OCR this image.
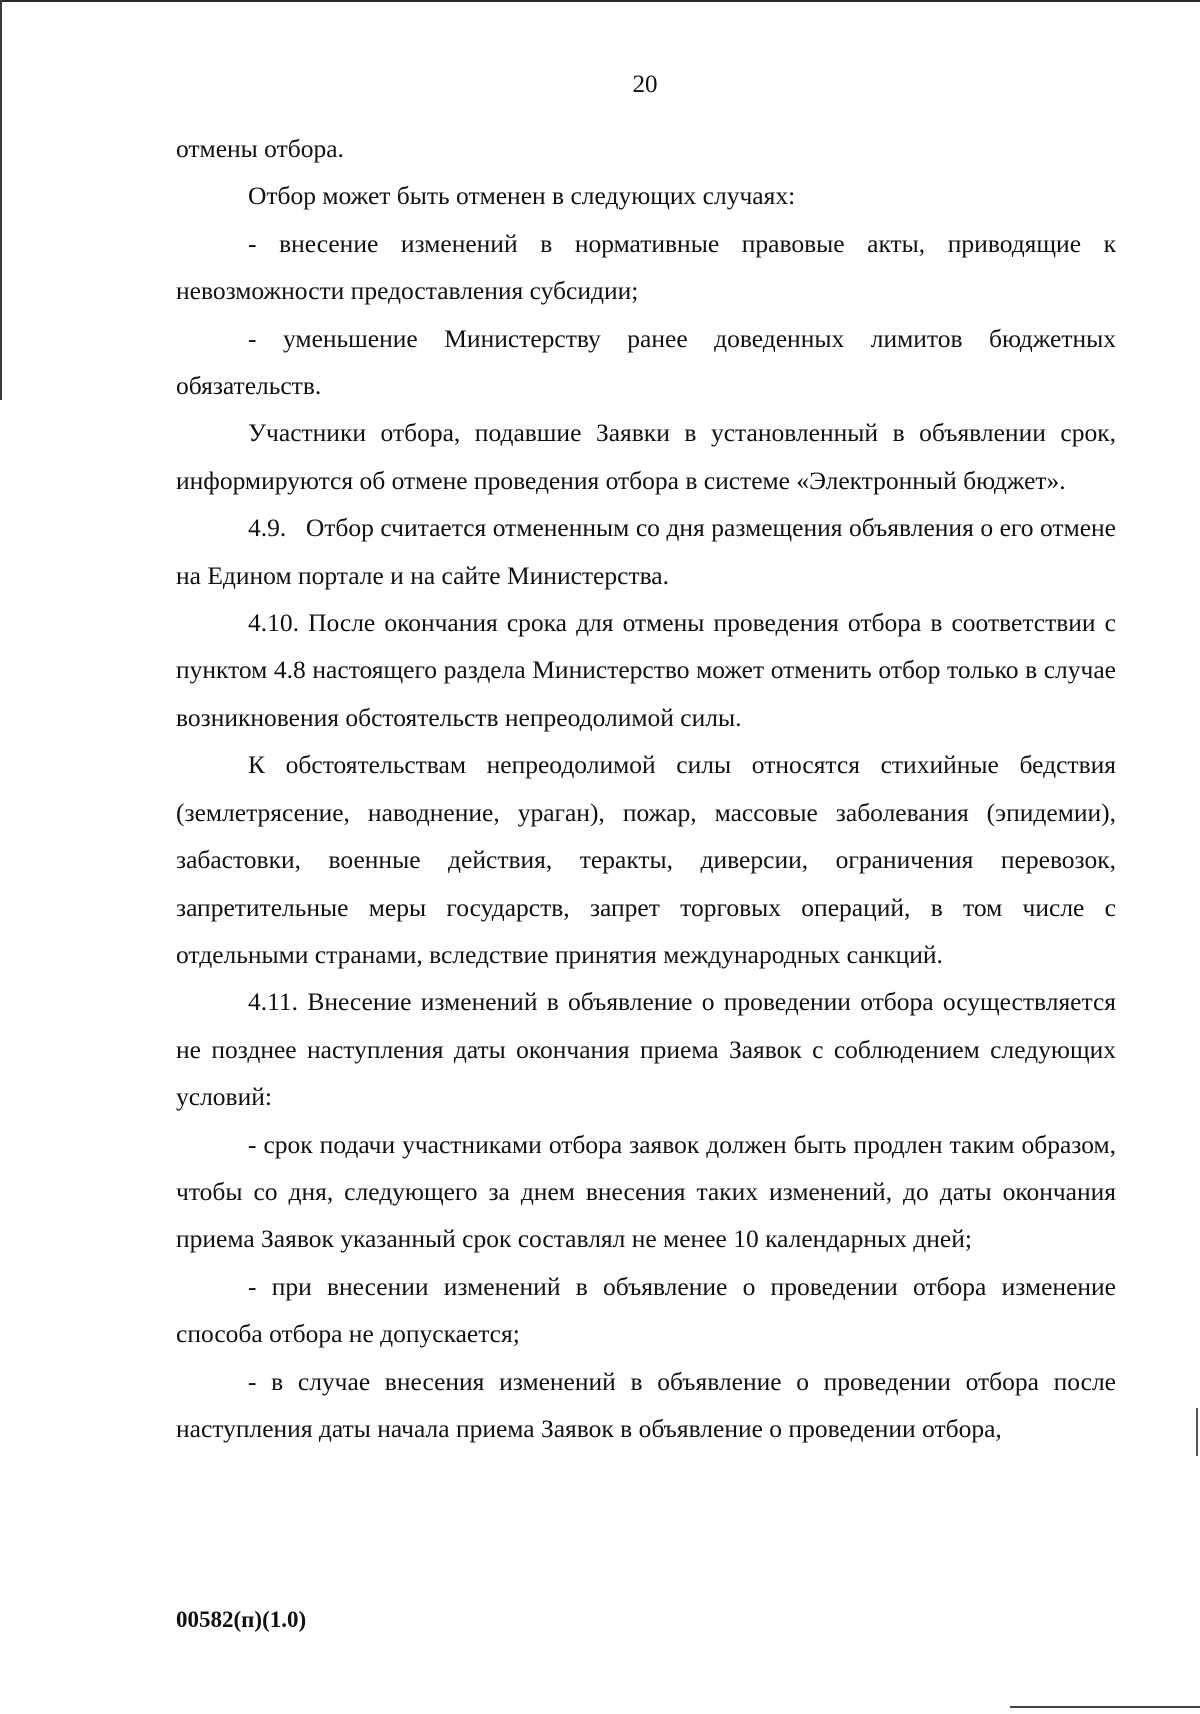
20

отмены отбора.

Отбор может быть отменен в следующих случаях:

- внесение изменений в нормативные правовые акты, приводящие к невозможности предоставления субсидии;

- уменьшение Министерству ранее доведенных лимитов бюджетных обязательств.

Участники отбора, подавшие Заявки в установленный в объявлении срок, информируются об отмене проведения отбора в системе «Электронный бюджет».

4.9.   Отбор считается отмененным со дня размещения объявления о его отмене на Едином портале и на сайте Министерства.

4.10. После окончания срока для отмены проведения отбора в соответствии с пунктом 4.8 настоящего раздела Министерство может отменить отбор только в случае возникновения обстоятельств непреодолимой силы.

К обстоятельствам непреодолимой силы относятся стихийные бедствия (землетрясение, наводнение, ураган), пожар, массовые заболевания (эпидемии), забастовки, военные действия, теракты, диверсии, ограничения перевозок, запретительные меры государств, запрет торговых операций, в том числе с отдельными странами, вследствие принятия международных санкций.

4.11. Внесение изменений в объявление о проведении отбора осуществляется не позднее наступления даты окончания приема Заявок с соблюдением следующих условий:

- срок подачи участниками отбора заявок должен быть продлен таким образом, чтобы со дня, следующего за днем внесения таких изменений, до даты окончания приема Заявок указанный срок составлял не менее 10 календарных дней;

- при внесении изменений в объявление о проведении отбора изменение способа отбора не допускается;

- в случае внесения изменений в объявление о проведении отбора после наступления даты начала приема Заявок в объявление о проведении отбора,

00582(п)(1.0)
